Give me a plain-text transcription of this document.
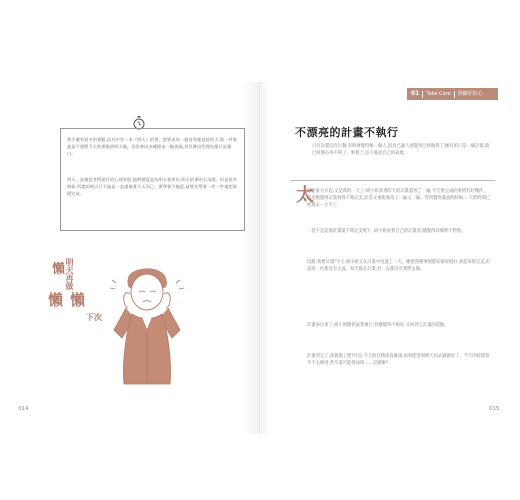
01 Take Care 照顧你的心
我手邊有很多的書籍,而其中有一本《明天》的書。想要成為一個沒有拖延症的人,第一件事就是不要將今天的事拖到明天做。常常會因各種理由一拖再拖,但其實這些理由都只是藉口。
明天、是拖延者們最好的心理安慰,他們總是認為明天會更好,明天的事明天再說。但是很多時候,所謂的明天只不過是一直重複著今天而已。要學會不拖延,就要先學會一件一件地把事情完成。
懶 明天再做
懶 懶
下次
014	015
不漂亮的計畫不執行
只有計畫沒有行動,有時會覺得像一個人,因為已讓人感覺到已經做到了,擁有的只是一個計畫,就已經開心得不得了。事實上,是不滿意自己的表現。
太
陽從東方升起,又是新的一天了!胡小姐拿著昨天的計畫書看了一遍,今天要完成的事情有好幾件。但是她覺得計畫寫得不夠完美,於是又重新修改了一遍又一遍。等到覺得滿意的時候,一天的時間已經過去一大半了。
「是不是這個計畫還不夠完美呢?」胡小姐看著自己的計畫書,總覺得有哪裡不對勁。
沒錯,我要計畫!今天,胡小姐又在計畫中度過了一天。她把各種事情都安排得很好,看起來很完美,但是卻一件都沒有完成。每天都在計畫,但一直都沒有實際去做。
計畫表出來了,胡小姐開始試著執行,但總覺得不夠好,又回到了計畫的起點。
計畫列完了,該實施了吧?可是,今天的任務還真麻煩,如果能等到明天再去做就好了。今天的時間似乎不太夠用,甚至還可能得加班……怎麼辦?
